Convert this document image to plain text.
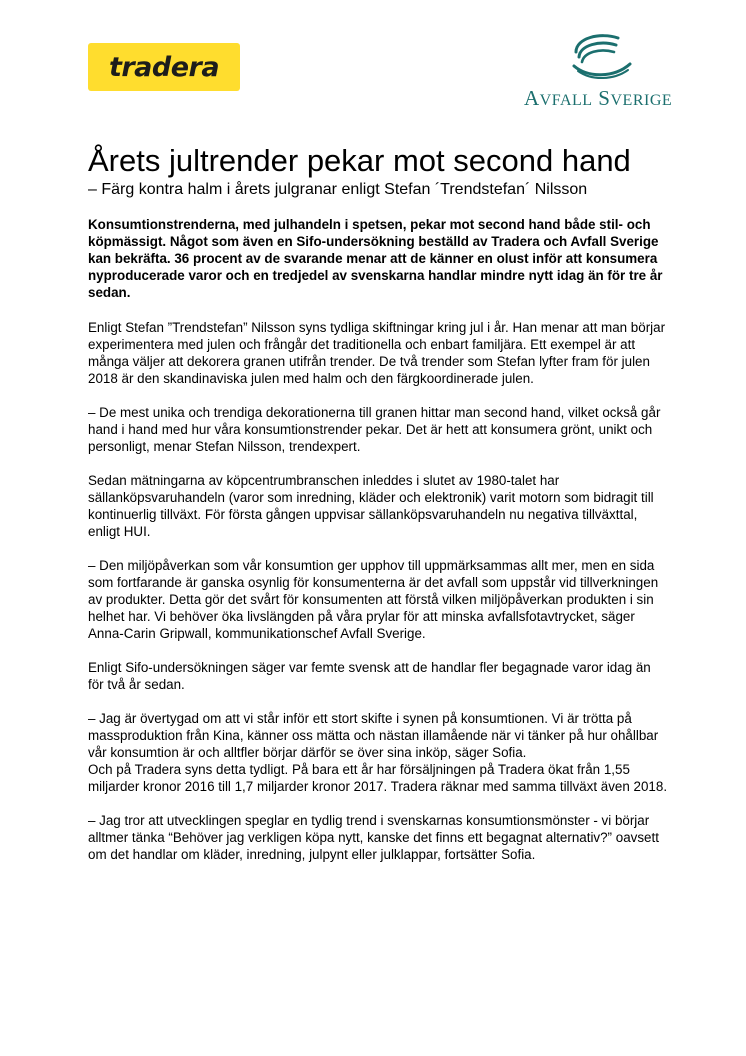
tradera
AVFALL SVERIGE
Årets jultrender pekar mot second hand

– Färg kontra halm i årets julgranar enligt Stefan ´Trendstefan´ Nilsson

Konsumtionstrenderna, med julhandeln i spetsen, pekar mot second hand både stil- och köpmässigt. Något som även en Sifo-undersökning beställd av Tradera och Avfall Sverige kan bekräfta. 36 procent av de svarande menar att de känner en olust inför att konsumera nyproducerade varor och en tredjedel av svenskarna handlar mindre nytt idag än för tre år sedan.

Enligt Stefan ”Trendstefan” Nilsson syns tydliga skiftningar kring jul i år. Han menar att man börjar experimentera med julen och frångår det traditionella och enbart familjära. Ett exempel är att många väljer att dekorera granen utifrån trender. De två trender som Stefan lyfter fram för julen 2018 är den skandinaviska julen med halm och den färgkoordinerade julen.

– De mest unika och trendiga dekorationerna till granen hittar man second hand, vilket också går hand i hand med hur våra konsumtionstrender pekar. Det är hett att konsumera grönt, unikt och personligt, menar Stefan Nilsson, trendexpert.

Sedan mätningarna av köpcentrumbranschen inleddes i slutet av 1980-talet har sällanköpsvaruhandeln (varor som inredning, kläder och elektronik) varit motorn som bidragit till kontinuerlig tillväxt. För första gången uppvisar sällanköpsvaruhandeln nu negativa tillväxttal, enligt HUI.

– Den miljöpåverkan som vår konsumtion ger upphov till uppmärksammas allt mer, men en sida som fortfarande är ganska osynlig för konsumenterna är det avfall som uppstår vid tillverkningen av produkter. Detta gör det svårt för konsumenten att förstå vilken miljöpåverkan produkten i sin helhet har. Vi behöver öka livslängden på våra prylar för att minska avfallsfotavtrycket, säger Anna-Carin Gripwall, kommunikationschef Avfall Sverige.

Enligt Sifo-undersökningen säger var femte svensk att de handlar fler begagnade varor idag än för två år sedan.

– Jag är övertygad om att vi står inför ett stort skifte i synen på konsumtionen. Vi är trötta på massproduktion från Kina, känner oss mätta och nästan illamående när vi tänker på hur ohållbar vår konsumtion är och alltfler börjar därför se över sina inköp, säger Sofia.

Och på Tradera syns detta tydligt. På bara ett år har försäljningen på Tradera ökat från 1,55 miljarder kronor 2016 till 1,7 miljarder kronor 2017. Tradera räknar med samma tillväxt även 2018.

– Jag tror att utvecklingen speglar en tydlig trend i svenskarnas konsumtionsmönster - vi börjar alltmer tänka “Behöver jag verkligen köpa nytt, kanske det finns ett begagnat alternativ?” oavsett om det handlar om kläder, inredning, julpynt eller julklappar, fortsätter Sofia.
